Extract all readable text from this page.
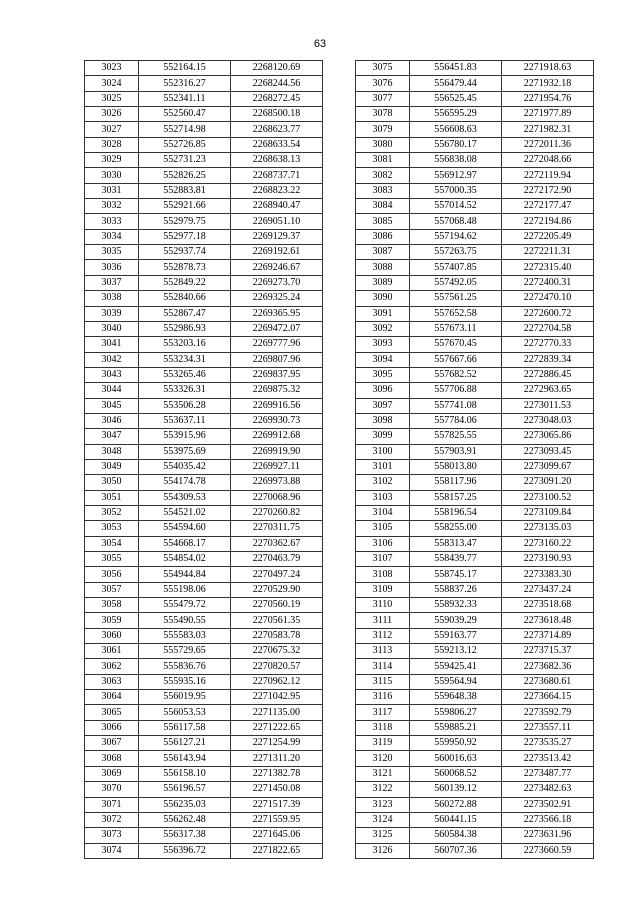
63
3023	552164.15	2268120.69
3024	552316.27	2268244.56
3025	552341.11	2268272.45
3026	552560.47	2268500.18
3027	552714.98	2268623.77
3028	552726.85	2268633.54
3029	552731.23	2268638.13
3030	552826.25	2268737.71
3031	552883.81	2268823.22
3032	552921.66	2268940.47
3033	552979.75	2269051.10
3034	552977.18	2269129.37
3035	552937.74	2269192.61
3036	552878.73	2269246.67
3037	552849.22	2269273.70
3038	552840.66	2269325.24
3039	552867.47	2269365.95
3040	552986.93	2269472.07
3041	553203.16	2269777.96
3042	553234.31	2269807.96
3043	553265.46	2269837.95
3044	553326.31	2269875.32
3045	553506.28	2269916.56
3046	553637.11	2269930.73
3047	553915.96	2269912.68
3048	553975.69	2269919.90
3049	554035.42	2269927.11
3050	554174.78	2269973.88
3051	554309.53	2270068.96
3052	554521.02	2270260.82
3053	554594.60	2270311.75
3054	554668.17	2270362.67
3055	554854.02	2270463.79
3056	554944.84	2270497.24
3057	555198.06	2270529.90
3058	555479.72	2270560.19
3059	555490.55	2270561.35
3060	555583.03	2270583.78
3061	555729.65	2270675.32
3062	555836.76	2270820.57
3063	555935.16	2270962.12
3064	556019.95	2271042.95
3065	556053.53	2271135.00
3066	556117.58	2271222.65
3067	556127.21	2271254.99
3068	556143.94	2271311.20
3069	556158.10	2271382.78
3070	556196.57	2271450.08
3071	556235.03	2271517.39
3072	556262.48	2271559.95
3073	556317.38	2271645.06
3074	556396.72	2271822.65
3075	556451.83	2271918.63
3076	556479.44	2271932.18
3077	556525.45	2271954.76
3078	556595.29	2271977.89
3079	556608.63	2271982.31
3080	556780.17	2272011.36
3081	556838.08	2272048.66
3082	556912.97	2272119.94
3083	557000.35	2272172.90
3084	557014.52	2272177.47
3085	557068.48	2272194.86
3086	557194.62	2272205.49
3087	557263.75	2272211.31
3088	557407.85	2272315.40
3089	557492.05	2272400.31
3090	557561.25	2272470.10
3091	557652.58	2272600.72
3092	557673.11	2272704.58
3093	557670.45	2272770.33
3094	557667.66	2272839.34
3095	557682.52	2272886.45
3096	557706.88	2272963.65
3097	557741.08	2273011.53
3098	557784.06	2273048.03
3099	557825.55	2273065.86
3100	557903.91	2273093.45
3101	558013.80	2273099.67
3102	558117.96	2273091.20
3103	558157.25	2273100.52
3104	558196.54	2273109.84
3105	558255.00	2273135.03
3106	558313.47	2273160.22
3107	558439.77	2273190.93
3108	558745.17	2273383.30
3109	558837.26	2273437.24
3110	558932.33	2273518.68
3111	559039.29	2273618.48
3112	559163.77	2273714.89
3113	559213.12	2273715.37
3114	559425.41	2273682.36
3115	559564.94	2273680.61
3116	559648.38	2273664.15
3117	559806.27	2273592.79
3118	559885.21	2273557.11
3119	559950.92	2273535.27
3120	560016.63	2273513.42
3121	560068.52	2273487.77
3122	560139.12	2273482.63
3123	560272.88	2273502.91
3124	560441.15	2273566.18
3125	560584.38	2273631.96
3126	560707.36	2273660.59
